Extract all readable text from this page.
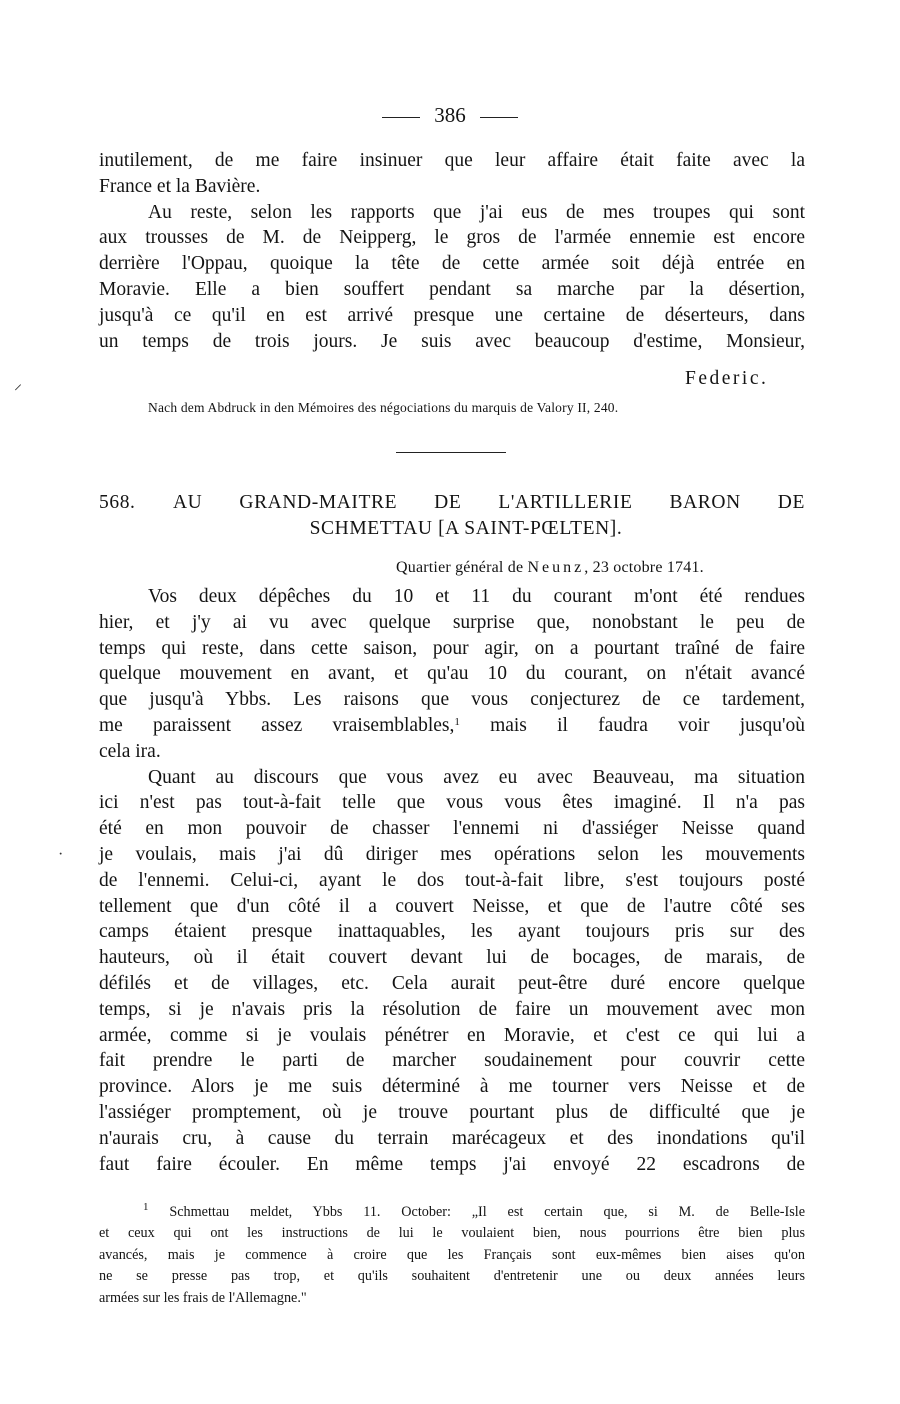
386

inutilement, de me faire insinuer que leur affaire était faite avec la

France et la Bavière.

Au reste, selon les rapports que j'ai eus de mes troupes qui sont

aux trousses de M. de Neipperg, le gros de l'armée ennemie est encore

derrière l'Oppau, quoique la tête de cette armée soit déjà entrée en

Moravie. Elle a bien souffert pendant sa marche par la désertion,

jusqu'à ce qu'il en est arrivé presque une certaine de déserteurs, dans

un temps de trois jours. Je suis avec beaucoup d'estime, Monsieur,

Federic.
Nach dem Abdruck in den Mémoires des négociations du marquis de Valory II, 240.
568. AU GRAND-MAITRE DE L'ARTILLERIE BARON DE
SCHMETTAU [A SAINT-PŒLTEN].
Quartier général de Neunz, 23 octobre 1741.

Vos deux dépêches du 10 et 11 du courant m'ont été rendues

hier, et j'y ai vu avec quelque surprise que, nonobstant le peu de

temps qui reste, dans cette saison, pour agir, on a pourtant traîné de faire

quelque mouvement en avant, et qu'au 10 du courant, on n'était avancé

que jusqu'à Ybbs. Les raisons que vous conjecturez de ce tardement,

me paraissent assez vraisemblables,$^1$ mais il faudra voir jusqu'où

cela ira.

Quant au discours que vous avez eu avec Beauveau, ma situation

ici n'est pas tout-à-fait telle que vous vous êtes imaginé. Il n'a pas

été en mon pouvoir de chasser l'ennemi ni d'assiéger Neisse quand

je voulais, mais j'ai dû diriger mes opérations selon les mouvements

de l'ennemi. Celui-ci, ayant le dos tout-à-fait libre, s'est toujours posté

tellement que d'un côté il a couvert Neisse, et que de l'autre côté ses

camps étaient presque inattaquables, les ayant toujours pris sur des

hauteurs, où il était couvert devant lui de bocages, de marais, de

défilés et de villages, etc. Cela aurait peut-être duré encore quelque

temps, si je n'avais pris la résolution de faire un mouvement avec mon

armée, comme si je voulais pénétrer en Moravie, et c'est ce qui lui a

fait prendre le parti de marcher soudainement pour couvrir cette

province. Alors je me suis déterminé à me tourner vers Neisse et de

l'assiéger promptement, où je trouve pourtant plus de difficulté que je

n'aurais cru, à cause du terrain marécageux et des inondations qu'il

faut faire écouler. En même temps j'ai envoyé 22 escadrons de

$^1$ Schmettau meldet, Ybbs 11. October: „Il est certain que, si M. de Belle-Isle

et ceux qui ont les instructions de lui le voulaient bien, nous pourrions être bien plus

avancés, mais je commence à croire que les Français sont eux-mêmes bien aises qu'on

ne se presse pas trop, et qu'ils souhaitent d'entretenir une ou deux années leurs

armées sur les frais de l'Allemagne."

⸝
·
